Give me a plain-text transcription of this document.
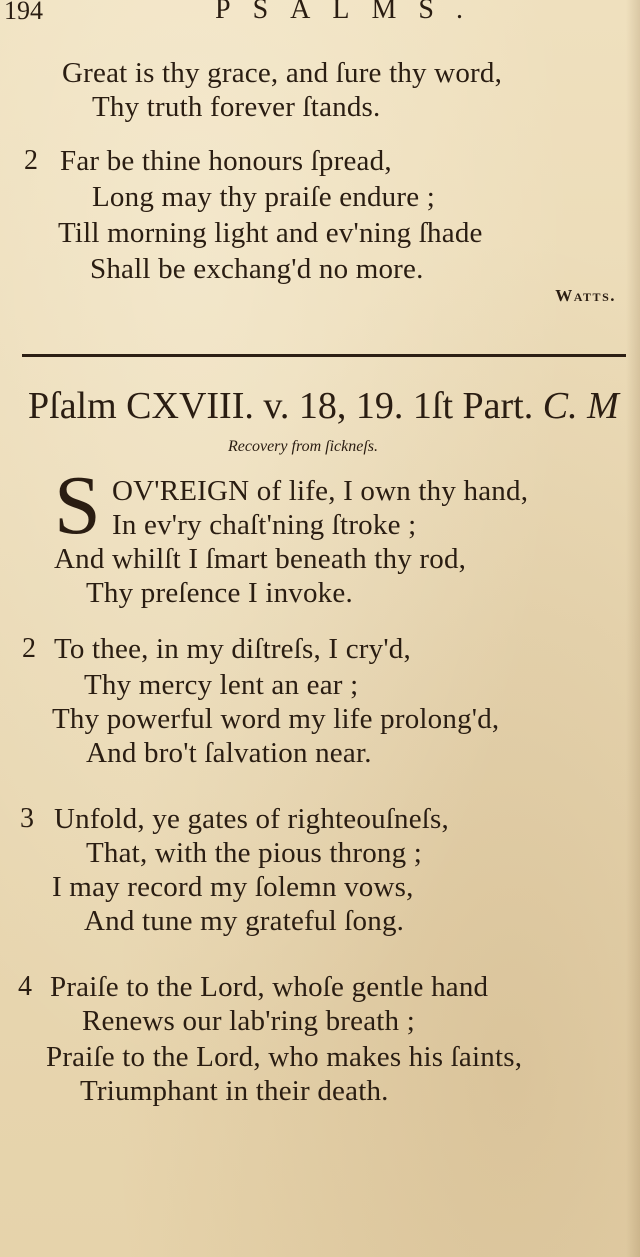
194	PSALMS.
Great is thy grace, and ſure thy word,
Thy truth forever ſtands.
2 Far be thine honours ſpread,
Long may thy praiſe endure ;
Till morning light and ev'ning ſhade
Shall be exchang'd no more.
Watts.
Pſalm CXVIII. v. 18, 19. 1ſt Part. C. M
Recovery from ſickneſs.
S OV'REIGN of life, I own thy hand,
In ev'ry chaſt'ning ſtroke ;
And whilſt I ſmart beneath thy rod,
Thy preſence I invoke.
2 To thee, in my diſtreſs, I cry'd,
Thy mercy lent an ear ;
Thy powerful word my life prolong'd,
And bro't ſalvation near.
3 Unfold, ye gates of righteouſneſs,
That, with the pious throng ;
I may record my ſolemn vows,
And tune my grateful ſong.
4 Praiſe to the Lord, whoſe gentle hand
Renews our lab'ring breath ;
Praiſe to the Lord, who makes his ſaints,
Triumphant in their death.
